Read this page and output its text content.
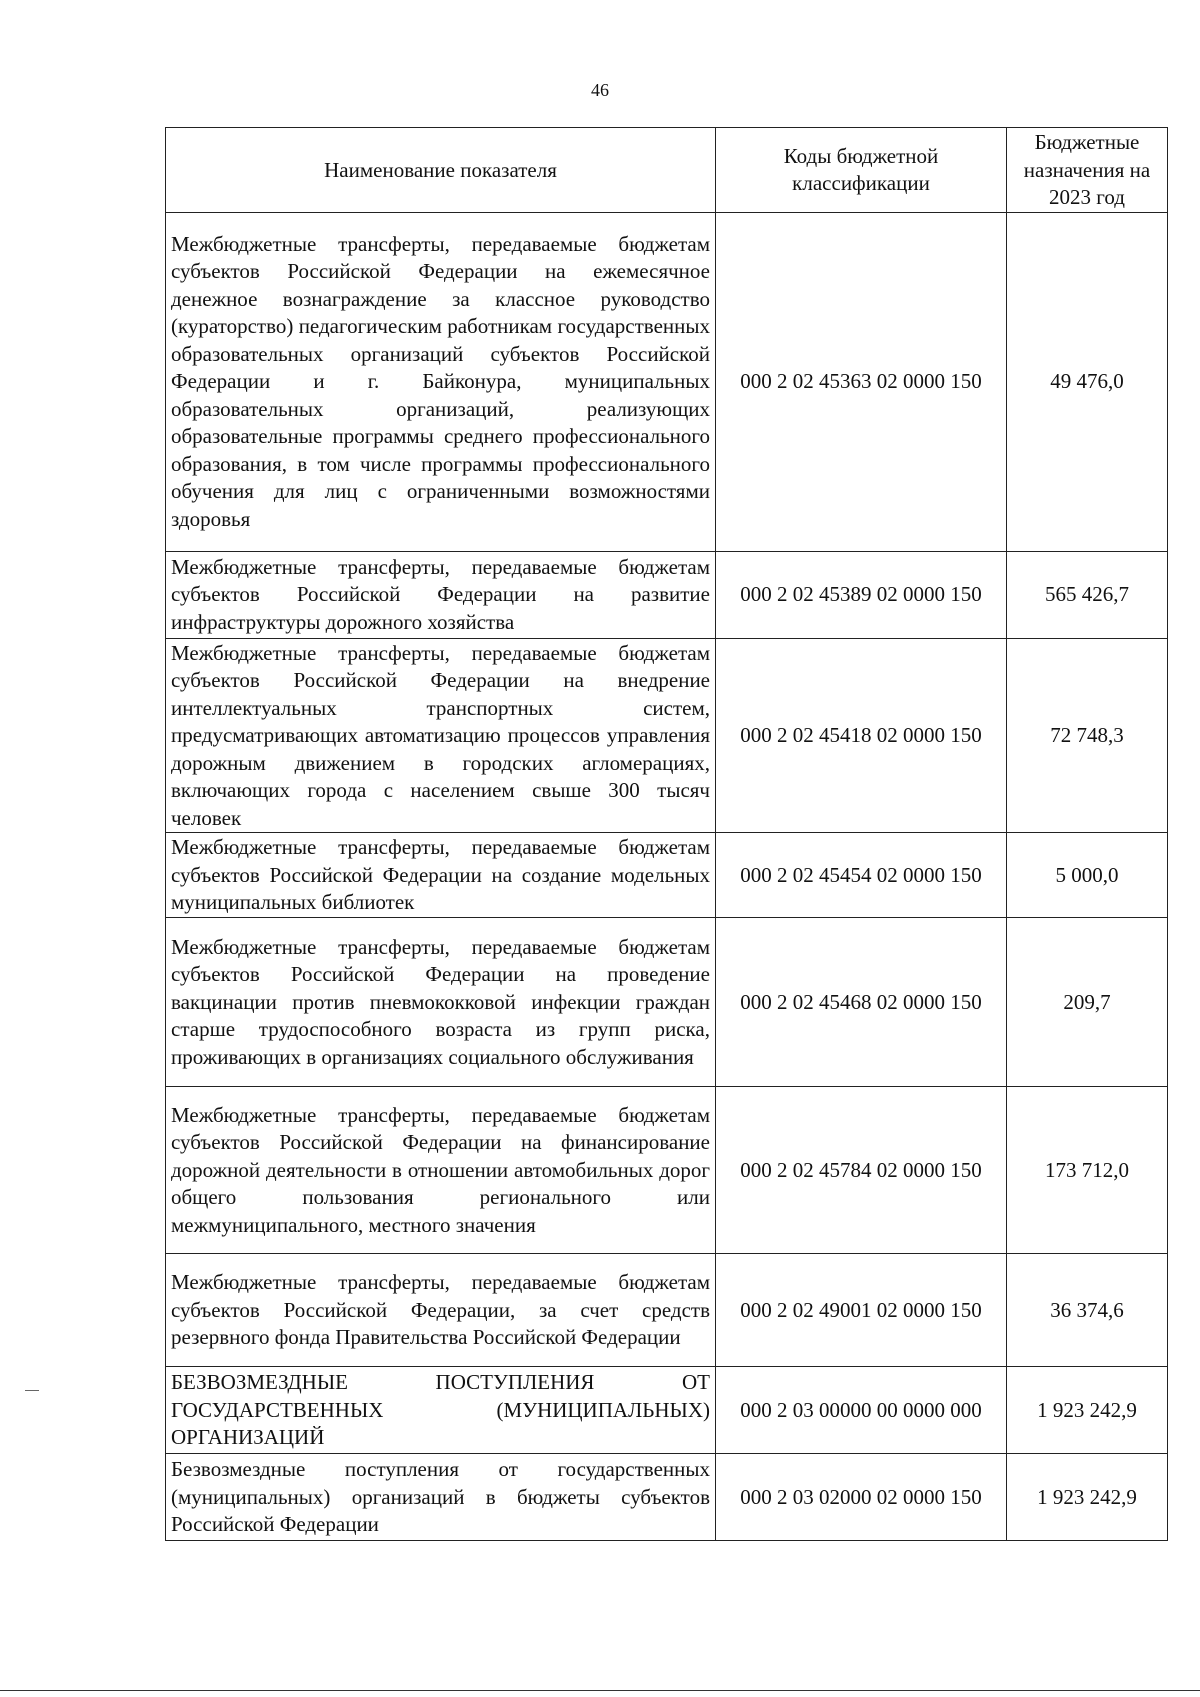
46
Наименование показателя	Коды бюджетной классификации	Бюджетные назначения на 2023 год
Межбюджетные трансферты, передаваемые бюджетам субъектов Российской Федерации на ежемесячное денежное вознаграждение за классное руководство (кураторство) педагогическим работникам государственных образовательных организаций субъектов Российской Федерации и г. Байконура, муниципальных образовательных организаций, реализующих образовательные программы среднего профессионального образования, в том числе программы профессионального обучения для лиц с ограниченными возможностями здоровья	000 2 02 45363 02 0000 150	49 476,0
Межбюджетные трансферты, передаваемые бюджетам субъектов Российской Федерации на развитие инфраструктуры дорожного хозяйства	000 2 02 45389 02 0000 150	565 426,7
Межбюджетные трансферты, передаваемые бюджетам субъектов Российской Федерации на внедрение интеллектуальных транспортных систем, предусматривающих автоматизацию процессов управления дорожным движением в городских агломерациях, включающих города с населением свыше 300 тысяч человек	000 2 02 45418 02 0000 150	72 748,3
Межбюджетные трансферты, передаваемые бюджетам субъектов Российской Федерации на создание модельных муниципальных библиотек	000 2 02 45454 02 0000 150	5 000,0
Межбюджетные трансферты, передаваемые бюджетам субъектов Российской Федерации на проведение вакцинации против пневмококковой инфекции граждан старше трудоспособного возраста из групп риска, проживающих в организациях социального обслуживания	000 2 02 45468 02 0000 150	209,7
Межбюджетные трансферты, передаваемые бюджетам субъектов Российской Федерации на финансирование дорожной деятельности в отношении автомобильных дорог общего пользования регионального или межмуниципального, местного значения	000 2 02 45784 02 0000 150	173 712,0
Межбюджетные трансферты, передаваемые бюджетам субъектов Российской Федерации, за счет средств резервного фонда Правительства Российской Федерации	000 2 02 49001 02 0000 150	36 374,6
БЕЗВОЗМЕЗДНЫЕ ПОСТУПЛЕНИЯ ОТ ГОСУДАРСТВЕННЫХ (МУНИЦИПАЛЬНЫХ) ОРГАНИЗАЦИЙ	000 2 03 00000 00 0000 000	1 923 242,9
Безвозмездные поступления от государственных (муниципальных) организаций в бюджеты субъектов Российской Федерации	000 2 03 02000 02 0000 150	1 923 242,9
